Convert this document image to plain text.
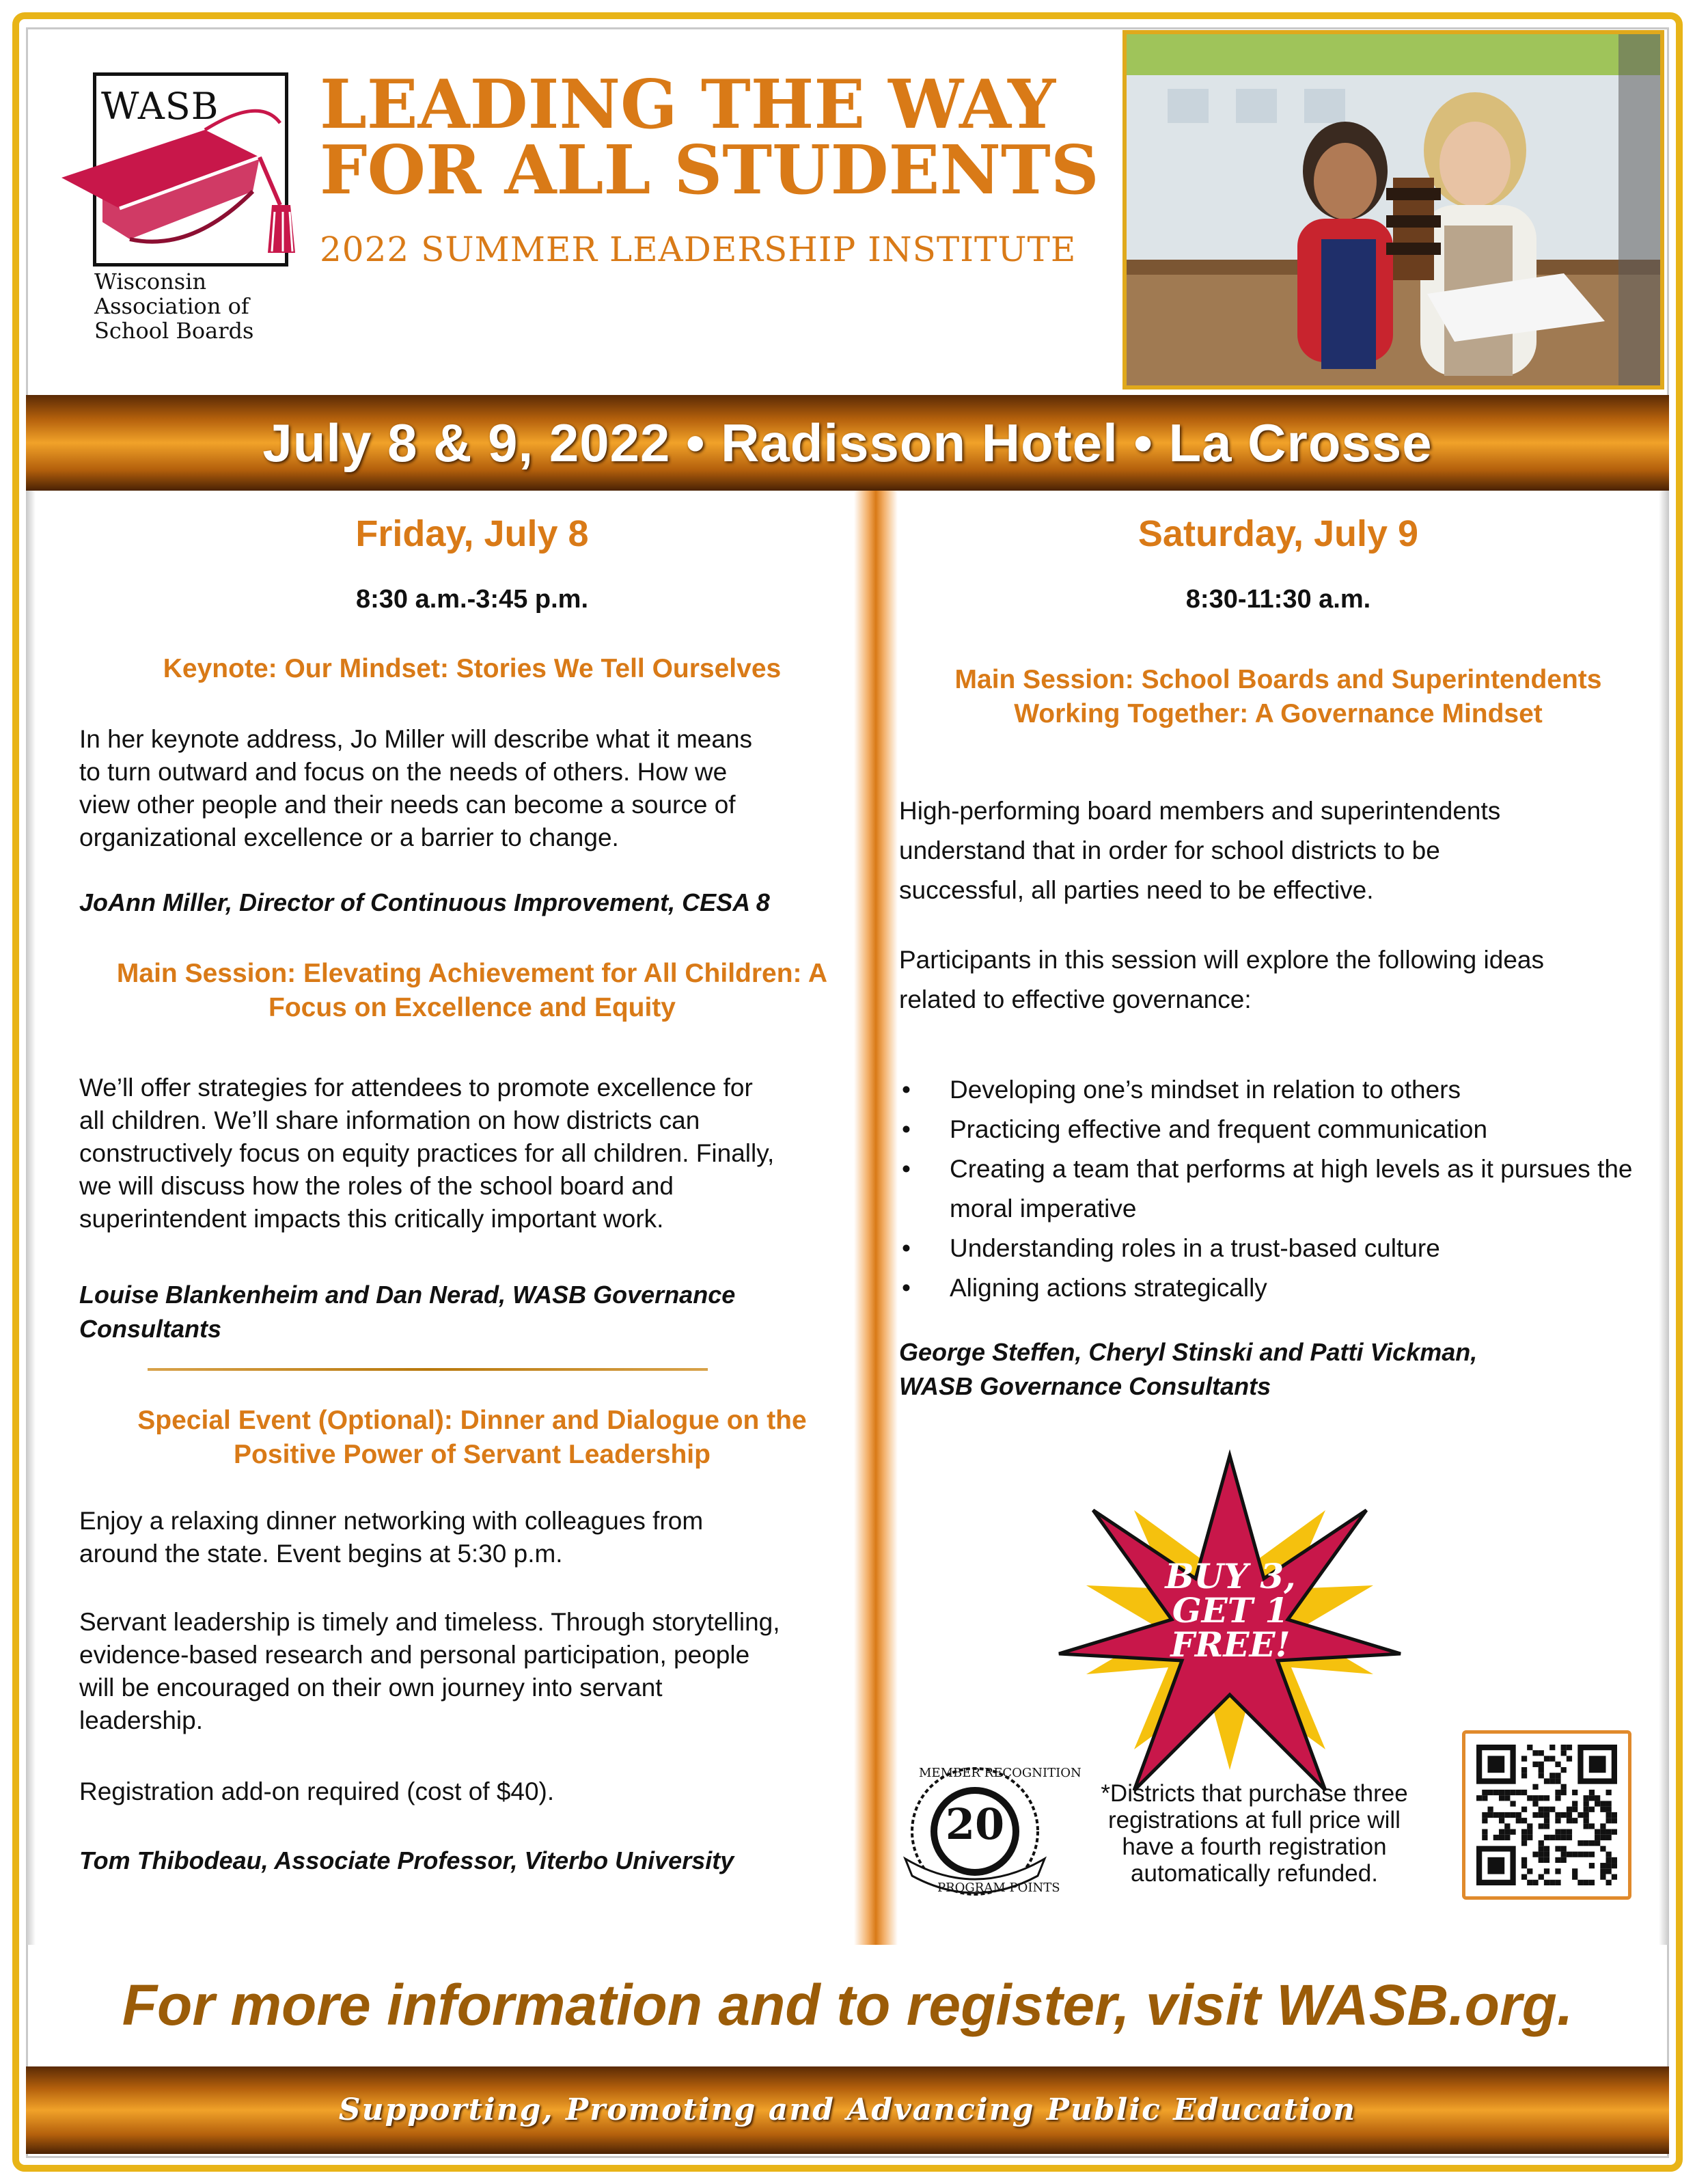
WASB
Wisconsin
Association of
School Boards
LEADING THE WAY
FOR ALL STUDENTS
2022 SUMMER LEADERSHIP INSTITUTE
July 8 & 9, 2022 • Radisson Hotel • La Crosse
Friday, July 8
8:30 a.m.-3:45 p.m.
Keynote: Our Mindset: Stories We Tell Ourselves
In her keynote address, Jo Miller will describe what it means
to turn outward and focus on the needs of others. How we
view other people and their needs can become a source of
organizational excellence or a barrier to change.
JoAnn Miller, Director of Continuous Improvement, CESA 8
Main Session: Elevating Achievement for All Children: A
Focus on Excellence and Equity
We’ll offer strategies for attendees to promote excellence for
all children. We’ll share information on how districts can
constructively focus on equity practices for all children. Finally,
we will discuss how the roles of the school board and
superintendent impacts this critically important work.
Louise Blankenheim and Dan Nerad, WASB Governance
Consultants
Special Event (Optional): Dinner and Dialogue on the
Positive Power of Servant Leadership
Enjoy a relaxing dinner networking with colleagues from
around the state. Event begins at 5:30 p.m.
Servant leadership is timely and timeless. Through storytelling,
evidence-based research and personal participation, people
will be encouraged on their own journey into servant
leadership.
Registration add-on required (cost of $40).
Tom Thibodeau, Associate Professor, Viterbo University
Saturday, July 9
8:30-11:30 a.m.
Main Session: School Boards and Superintendents
Working Together: A Governance Mindset
High-performing board members and superintendents
understand that in order for school districts to be
successful, all parties need to be effective.
Participants in this session will explore the following ideas
related to effective governance:
• Developing one’s mindset in relation to others
• Practicing effective and frequent communication
• Creating a team that performs at high levels as it pursues the moral imperative
• Understanding roles in a trust-based culture
• Aligning actions strategically
George Steffen, Cheryl Stinski and Patti Vickman,
WASB Governance Consultants
BUY 3,
GET 1
FREE!
MEMBER RECOGNITION
20
PROGRAM POINTS
*Districts that purchase three
registrations at full price will
have a fourth registration
automatically refunded.
For more information and to register, visit WASB.org.
Supporting, Promoting and Advancing Public Education
